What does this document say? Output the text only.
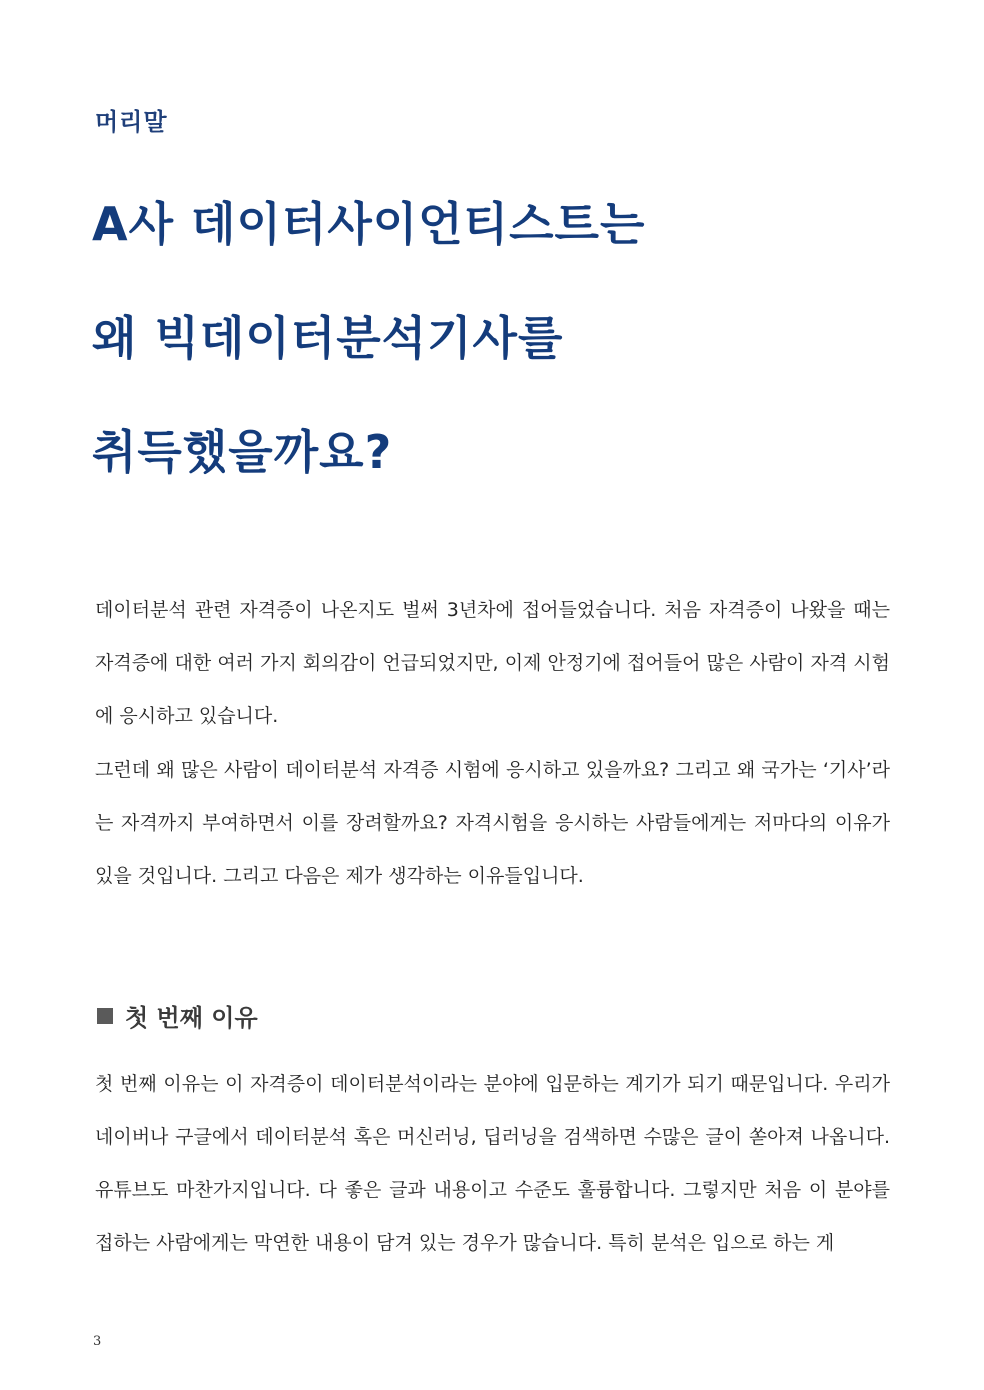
머리말
A사 데이터사이언티스트는
왜 빅데이터분석기사를
취득했을까요?

데이터분석 관련 자격증이 나온지도 벌써 3년차에 접어들었습니다. 처음 자격증이 나왔을 때는 자격증에 대한 여러 가지 회의감이 언급되었지만, 이제 안정기에 접어들어 많은 사람이 자격 시험에 응시하고 있습니다.

그런데 왜 많은 사람이 데이터분석 자격증 시험에 응시하고 있을까요? 그리고 왜 국가는 ‘기사’라는 자격까지 부여하면서 이를 장려할까요? 자격시험을 응시하는 사람들에게는 저마다의 이유가 있을 것입니다. 그리고 다음은 제가 생각하는 이유들입니다.

첫 번째 이유

첫 번째 이유는 이 자격증이 데이터분석이라는 분야에 입문하는 계기가 되기 때문입니다. 우리가 네이버나 구글에서 데이터분석 혹은 머신러닝, 딥러닝을 검색하면 수많은 글이 쏟아져 나옵니다. 유튜브도 마찬가지입니다. 다 좋은 글과 내용이고 수준도 훌륭합니다. 그렇지만 처음 이 분야를 접하는 사람에게는 막연한 내용이 담겨 있는 경우가 많습니다. 특히 분석은 입으로 하는 게

3
